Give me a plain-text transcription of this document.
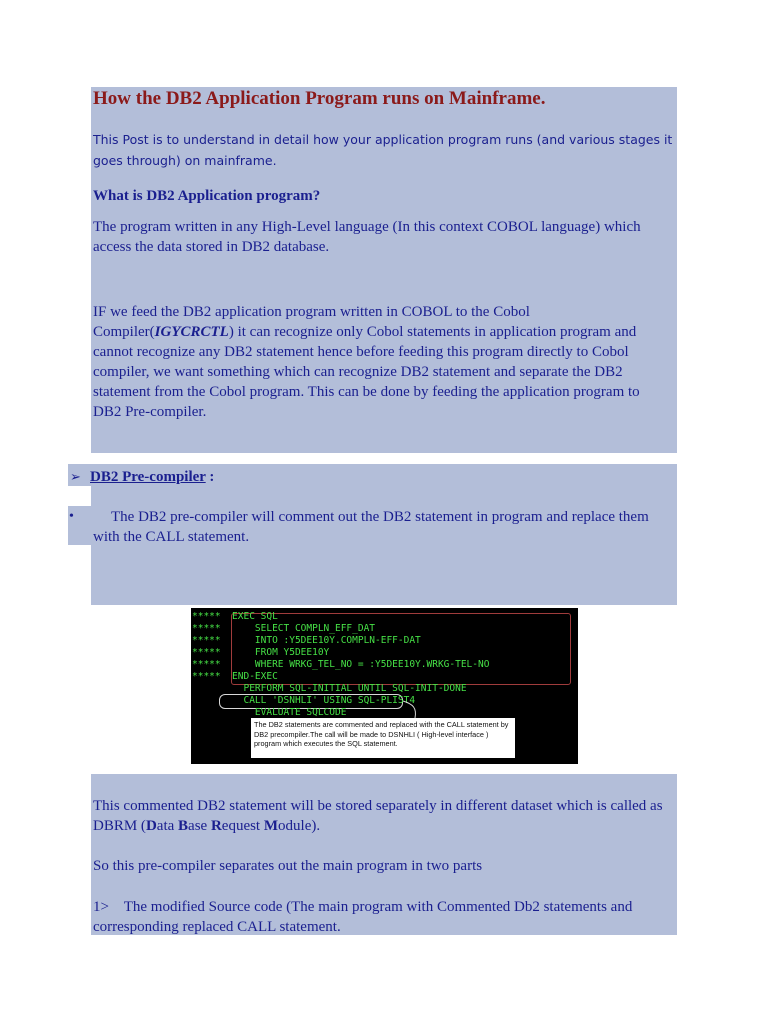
How the DB2 Application Program runs on Mainframe.
This Post is to understand in detail how your application program runs (and various stages it goes through) on mainframe.
What is DB2 Application program?
The program written in any High-Level language (In this context COBOL language) which access the data stored in DB2 database.
IF we feed the DB2 application program written in COBOL to the Cobol Compiler(IGYCRCTL) it can recognize only Cobol statements in application program and cannot recognize any DB2 statement hence before feeding this program directly to Cobol compiler, we want something which can recognize DB2 statement and separate the DB2 statement from the Cobol program. This can be done by feeding the application program to DB2 Pre-compiler.
➢ DB2 Pre-compiler :
•	The DB2 pre-compiler will comment out the DB2 statement in program and replace them with the CALL statement.
*****  EXEC SQL
*****      SELECT COMPLN_EFF_DAT
*****      INTO :Y5DEE10Y.COMPLN-EFF-DAT
*****      FROM Y5DEE10Y
*****      WHERE WRKG_TEL_NO = :Y5DEE10Y.WRKG-TEL-NO
*****  END-EXEC
PERFORM SQL-INITIAL UNTIL SQL-INIT-DONE
CALL 'DSNHLI' USING SQL-PLIST4
EVALUATE SQLCODE
The DB2 statements are commented and replaced with the CALL statement by DB2 precompiler.The call will be made to DSNHLI ( High-level interface ) program which executes the SQL statement.
This commented DB2 statement will be stored separately in different dataset which is called as DBRM (Data Base Request Module).
So this pre-compiler separates out the main program in two parts
1> The modified Source code (The main program with Commented Db2 statements and corresponding replaced CALL statement.
